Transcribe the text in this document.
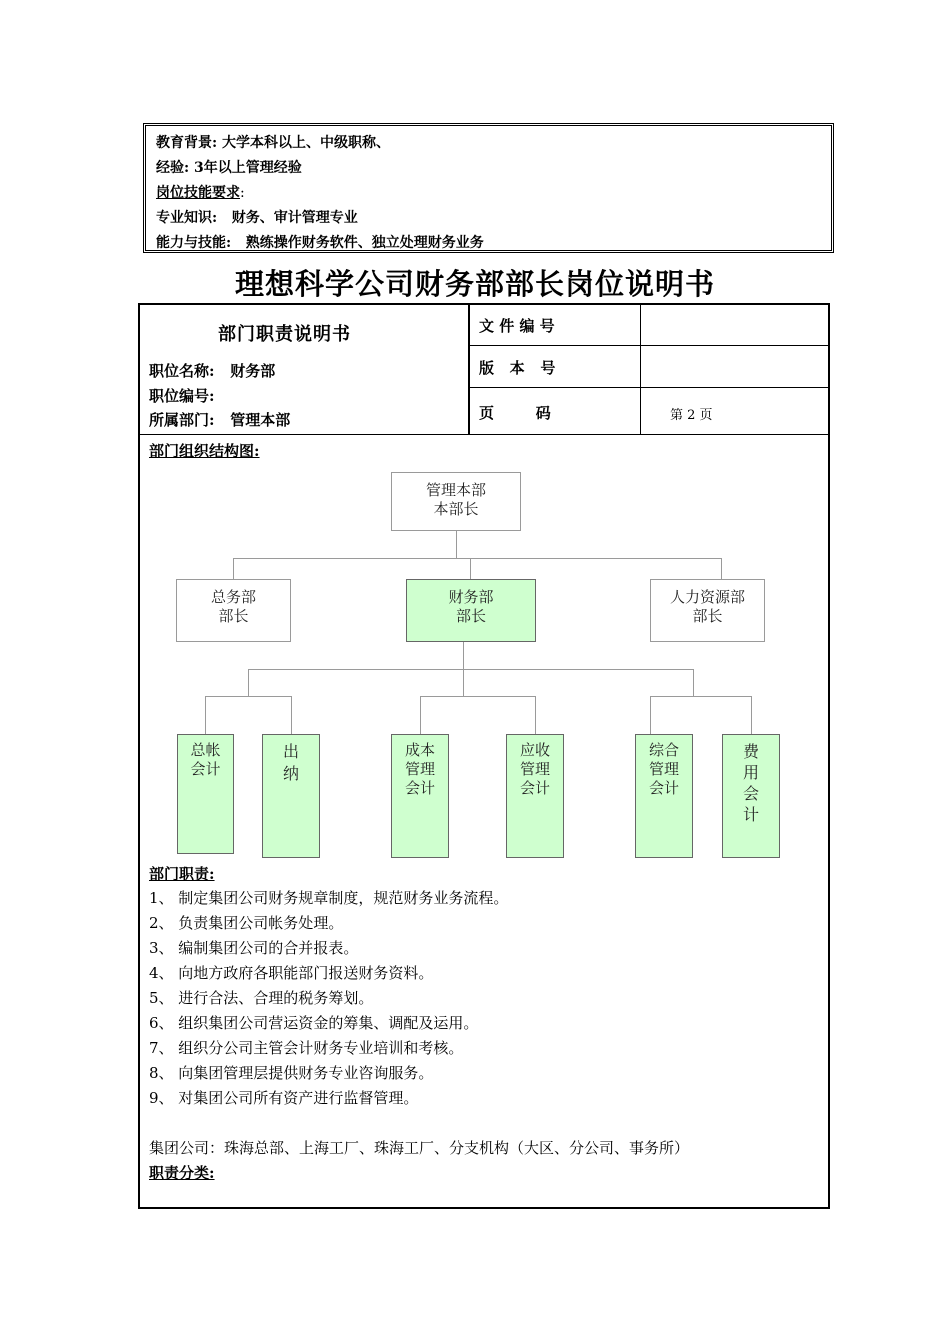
教育背景: 大学本科以上、中级职称、
经验: 3年以上管理经验
岗位技能要求:
专业知识:   财务、审计管理专业
能力与技能:   熟练操作财务软件、独立处理财务业务
理想科学公司财务部部长岗位说明书
部门职责说明书
职位名称: 财务部
职位编号:
所属部门: 管理本部
文 件 编 号
版   本   号
页        码	第 2 页
部门组织结构图:
管理本部
本部长
总务部
部长
财务部
部长
人力资源部
部长
总帐
会计
出
纳
成本
管理
会计
应收
管理
会计
综合
管理
会计
费
用
会
计
部门职责:
1、 制定集团公司财务规章制度，规范财务业务流程。
2、 负责集团公司帐务处理。
3、 编制集团公司的合并报表。
4、 向地方政府各职能部门报送财务资料。
5、 进行合法、合理的税务筹划。
6、 组织集团公司营运资金的筹集、调配及运用。
7、 组织分公司主管会计财务专业培训和考核。
8、 向集团管理层提供财务专业咨询服务。
9、 对集团公司所有资产进行监督管理。
集团公司：珠海总部、上海工厂、珠海工厂、分支机构（大区、分公司、事务所）
职责分类:
